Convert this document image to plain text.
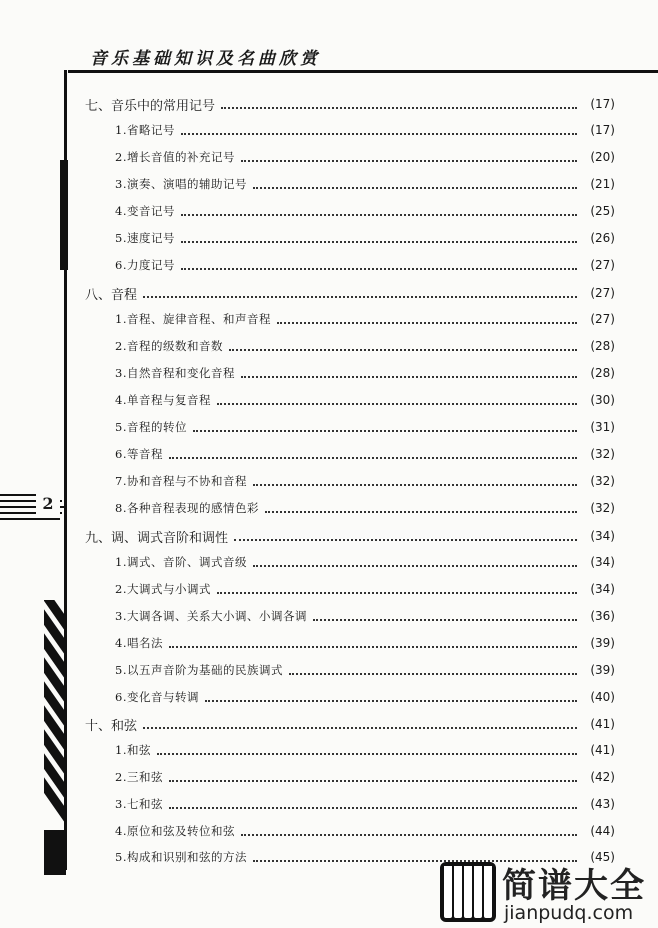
音乐基础知识及名曲欣赏
2
七、音乐中的常用记号	(17)
1.省略记号	(17)
2.增长音值的补充记号	(20)
3.演奏、演唱的辅助记号	(21)
4.变音记号	(25)
5.速度记号	(26)
6.力度记号	(27)
八、音程	(27)
1.音程、旋律音程、和声音程	(27)
2.音程的级数和音数	(28)
3.自然音程和变化音程	(28)
4.单音程与复音程	(30)
5.音程的转位	(31)
6.等音程	(32)
7.协和音程与不协和音程	(32)
8.各种音程表现的感情色彩	(32)
九、调、调式音阶和调性	(34)
1.调式、音阶、调式音级	(34)
2.大调式与小调式	(34)
3.大调各调、关系大小调、小调各调	(36)
4.唱名法	(39)
5.以五声音阶为基础的民族调式	(39)
6.变化音与转调	(40)
十、和弦	(41)
1.和弦	(41)
2.三和弦	(42)
3.七和弦	(43)
4.原位和弦及转位和弦	(44)
5.构成和识别和弦的方法	(45)
简谱大全
jianpudq.com
